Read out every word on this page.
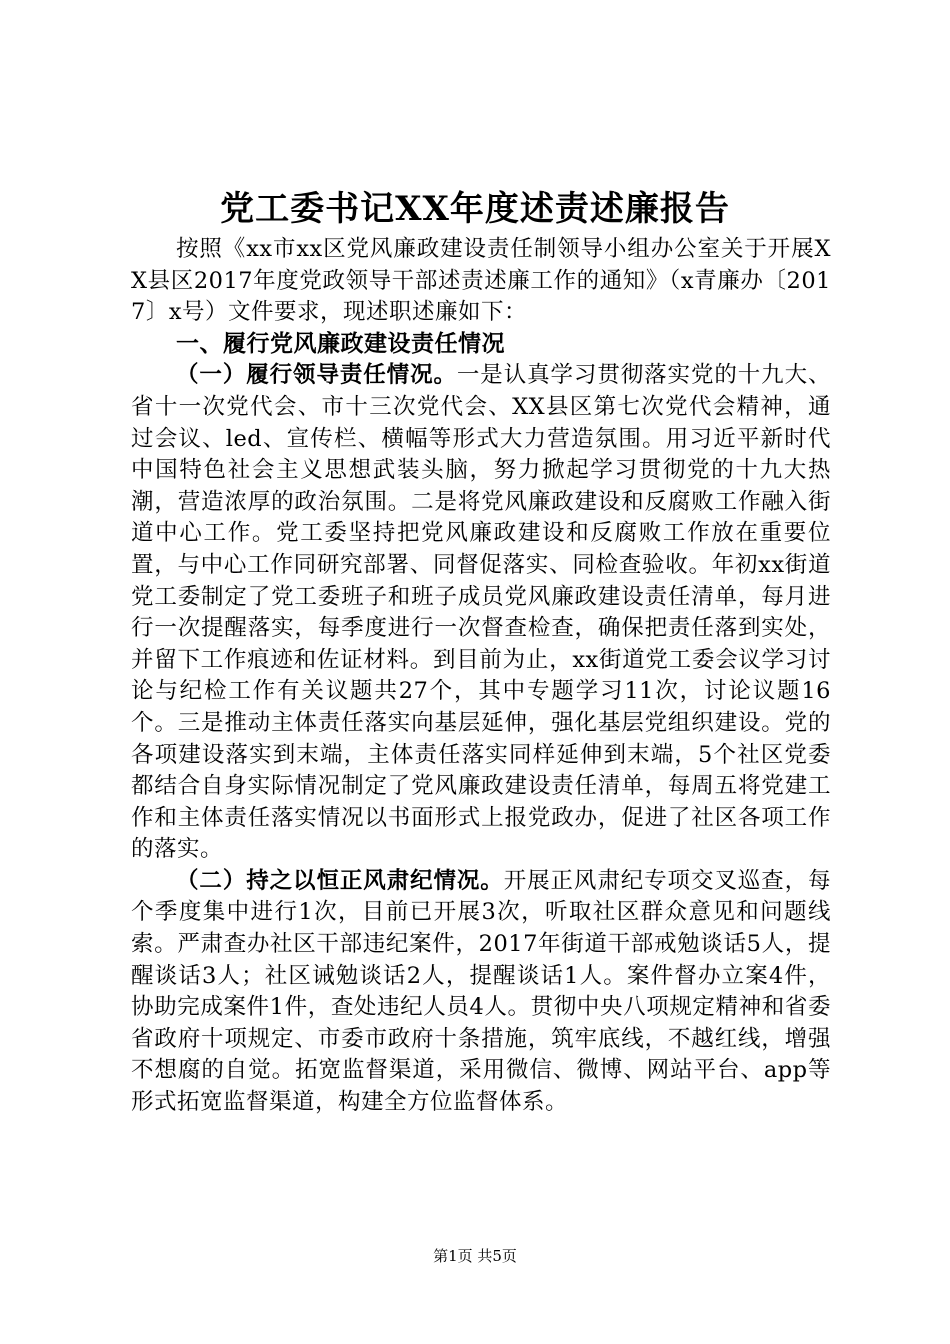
党工委书记XX年度述责述廉报告

按照《xx市xx区党风廉政建设责任制领导小组办公室关于开展XX县区2017年度党政领导干部述责述廉工作的通知》（x青廉办〔2017〕x号）文件要求，现述职述廉如下：

一、履行党风廉政建设责任情况

（一）履行领导责任情况。一是认真学习贯彻落实党的十九大、省十一次党代会、市十三次党代会、XX县区第七次党代会精神，通过会议、led、宣传栏、横幅等形式大力营造氛围。用习近平新时代中国特色社会主义思想武装头脑，努力掀起学习贯彻党的十九大热潮，营造浓厚的政治氛围。二是将党风廉政建设和反腐败工作融入街道中心工作。党工委坚持把党风廉政建设和反腐败工作放在重要位置，与中心工作同研究部署、同督促落实、同检查验收。年初xx街道党工委制定了党工委班子和班子成员党风廉政建设责任清单，每月进行一次提醒落实，每季度进行一次督查检查，确保把责任落到实处，并留下工作痕迹和佐证材料。到目前为止，xx街道党工委会议学习讨论与纪检工作有关议题共27个，其中专题学习11次，讨论议题16个。三是推动主体责任落实向基层延伸，强化基层党组织建设。党的各项建设落实到末端，主体责任落实同样延伸到末端，5个社区党委都结合自身实际情况制定了党风廉政建设责任清单，每周五将党建工作和主体责任落实情况以书面形式上报党政办，促进了社区各项工作的落实。

（二）持之以恒正风肃纪情况。开展正风肃纪专项交叉巡查，每个季度集中进行1次，目前已开展3次，听取社区群众意见和问题线索。严肃查办社区干部违纪案件，2017年街道干部戒勉谈话5人，提醒谈话3人；社区诫勉谈话2人，提醒谈话1人。案件督办立案4件，协助完成案件1件，查处违纪人员4人。贯彻中央八项规定精神和省委省政府十项规定、市委市政府十条措施，筑牢底线，不越红线，增强不想腐的自觉。拓宽监督渠道，采用微信、微博、网站平台、app等形式拓宽监督渠道，构建全方位监督体系。

第1页 共5页
